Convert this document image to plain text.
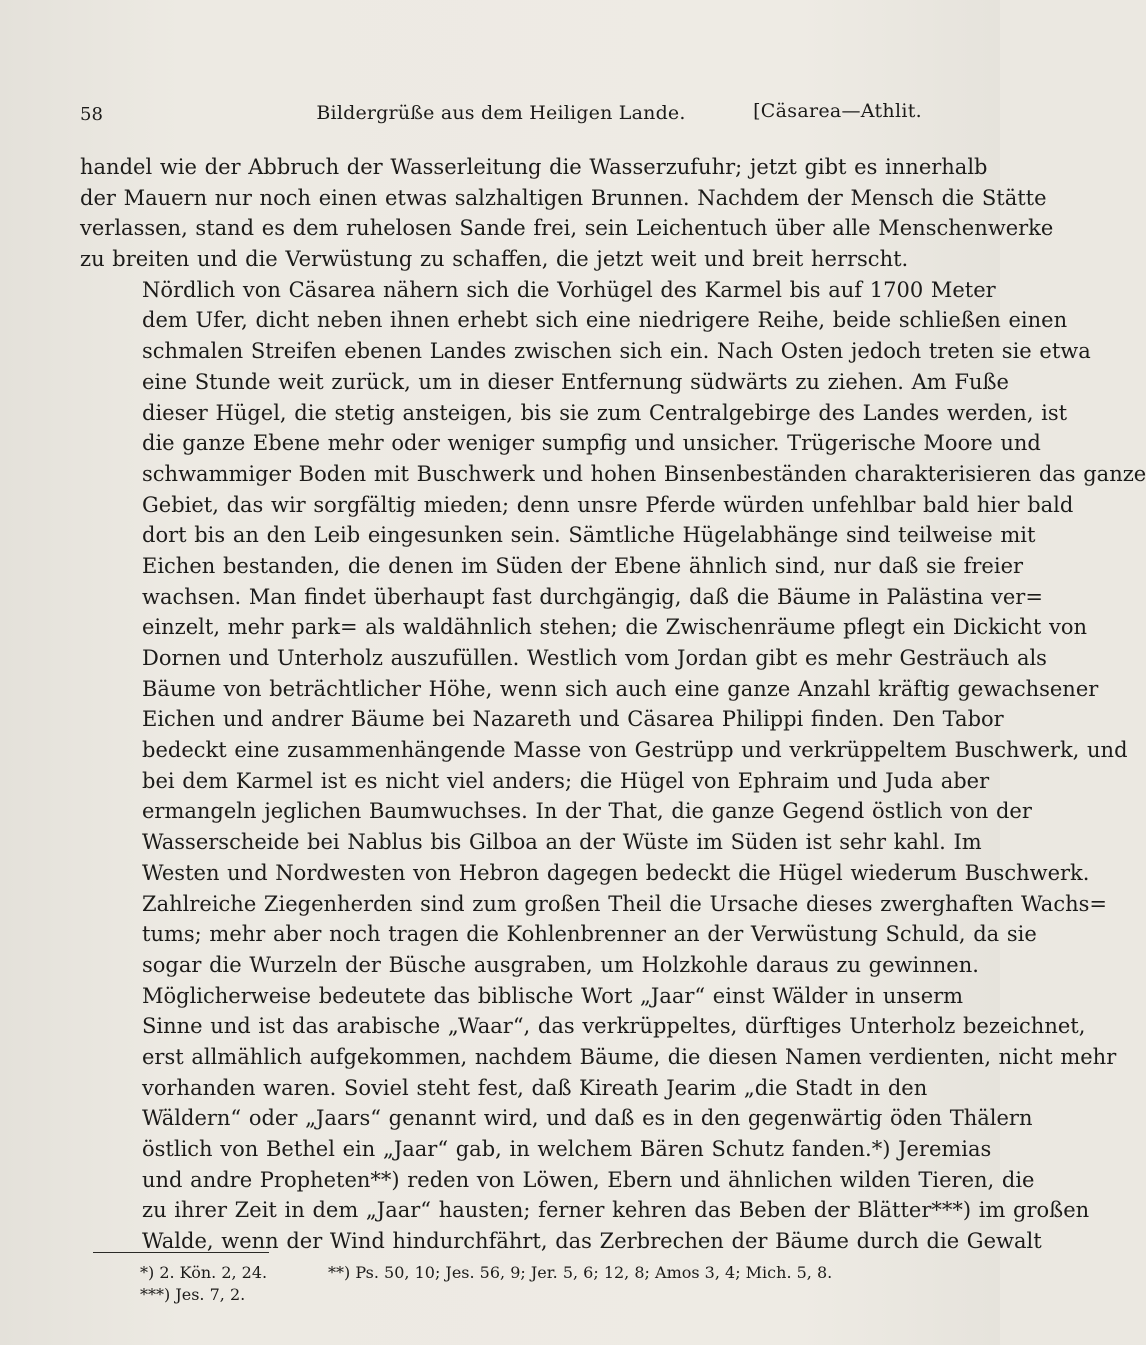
58	Bildergrüße aus dem Heiligen Lande.	[Cäsarea—Athlit.

handel wie der Abbruch der Wasserleitung die Wasserzufuhr; jetzt gibt es innerhalb
der Mauern nur noch einen etwas salzhaltigen Brunnen. Nachdem der Mensch die Stätte
verlassen, stand es dem ruhelosen Sande frei, sein Leichentuch über alle Menschenwerke
zu breiten und die Verwüstung zu schaffen, die jetzt weit und breit herrscht.

Nördlich von Cäsarea nähern sich die Vorhügel des Karmel bis auf 1700 Meter
dem Ufer, dicht neben ihnen erhebt sich eine niedrigere Reihe, beide schließen einen
schmalen Streifen ebenen Landes zwischen sich ein. Nach Osten jedoch treten sie etwa
eine Stunde weit zurück, um in dieser Entfernung südwärts zu ziehen. Am Fuße
dieser Hügel, die stetig ansteigen, bis sie zum Centralgebirge des Landes werden, ist
die ganze Ebene mehr oder weniger sumpfig und unsicher. Trügerische Moore und
schwammiger Boden mit Buschwerk und hohen Binsenbeständen charakterisieren das ganze
Gebiet, das wir sorgfältig mieden; denn unsre Pferde würden unfehlbar bald hier bald
dort bis an den Leib eingesunken sein. Sämtliche Hügelabhänge sind teilweise mit
Eichen bestanden, die denen im Süden der Ebene ähnlich sind, nur daß sie freier
wachsen. Man findet überhaupt fast durchgängig, daß die Bäume in Palästina ver=
einzelt, mehr park= als waldähnlich stehen; die Zwischenräume pflegt ein Dickicht von
Dornen und Unterholz auszufüllen. Westlich vom Jordan gibt es mehr Gesträuch als
Bäume von beträchtlicher Höhe, wenn sich auch eine ganze Anzahl kräftig gewachsener
Eichen und andrer Bäume bei Nazareth und Cäsarea Philippi finden. Den Tabor
bedeckt eine zusammenhängende Masse von Gestrüpp und verkrüppeltem Buschwerk, und
bei dem Karmel ist es nicht viel anders; die Hügel von Ephraim und Juda aber
ermangeln jeglichen Baumwuchses. In der That, die ganze Gegend östlich von der
Wasserscheide bei Nablus bis Gilboa an der Wüste im Süden ist sehr kahl. Im
Westen und Nordwesten von Hebron dagegen bedeckt die Hügel wiederum Buschwerk.
Zahlreiche Ziegenherden sind zum großen Theil die Ursache dieses zwerghaften Wachs=
tums; mehr aber noch tragen die Kohlenbrenner an der Verwüstung Schuld, da sie
sogar die Wurzeln der Büsche ausgraben, um Holzkohle daraus zu gewinnen.

Möglicherweise bedeutete das biblische Wort „Jaar“ einst Wälder in unserm
Sinne und ist das arabische „Waar“, das verkrüppeltes, dürftiges Unterholz bezeichnet,
erst allmählich aufgekommen, nachdem Bäume, die diesen Namen verdienten, nicht mehr
vorhanden waren. Soviel steht fest, daß Kireath Jearim „die Stadt in den
Wäldern“ oder „Jaars“ genannt wird, und daß es in den gegenwärtig öden Thälern
östlich von Bethel ein „Jaar“ gab, in welchem Bären Schutz fanden.*) Jeremias
und andre Propheten**) reden von Löwen, Ebern und ähnlichen wilden Tieren, die
zu ihrer Zeit in dem „Jaar“ hausten; ferner kehren das Beben der Blätter***) im großen
Walde, wenn der Wind hindurchfährt, das Zerbrechen der Bäume durch die Gewalt

*) 2. Kön. 2, 24.	**) Ps. 50, 10; Jes. 56, 9; Jer. 5, 6; 12, 8; Amos 3, 4; Mich. 5, 8.
***) Jes. 7, 2.
